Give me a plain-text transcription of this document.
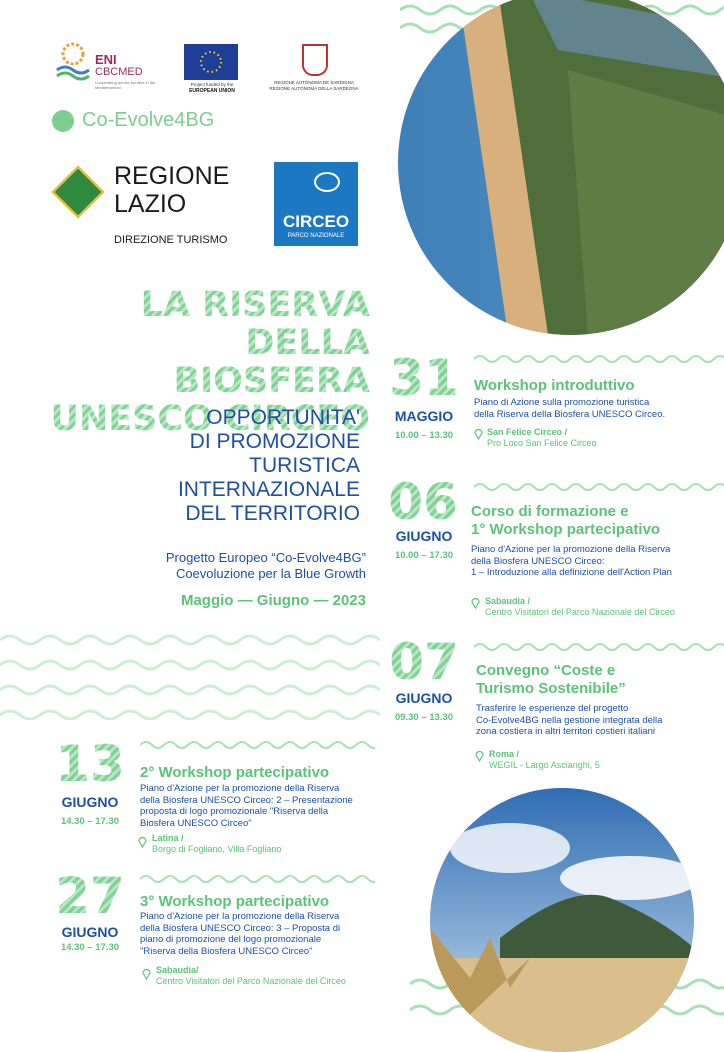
ENI
CBCMED
Cooperating across borders in the Mediterranean
Project funded by the
EUROPEAN UNION
REGIONE AUTÒNOMA DE SARDIGNA
REGIONE AUTONOMA DELLA SARDEGNA
Co-Evolve4BG
REGIONE
LAZIO
DIREZIONE TURISMO
CIRCEO
PARCO NAZIONALE
LA RISERVA
DELLA BIOSFERA
UNESCO CIRCEO
OPPORTUNITA'
DI PROMOZIONE
TURISTICA
INTERNAZIONALE
DEL TERRITORIO
Progetto Europeo “Co-Evolve4BG”
Coevoluzione per la Blue Growth
Maggio — Giugno — 2023
31
MAGGIO
10.00 – 13.30
Workshop introduttivo
Piano di Azione sulla promozione turistica
della Riserva della Biosfera UNESCO Circeo.
San Felice Circeo /
Pro Loco San Felice Circeo
06
GIUGNO
10.00 – 17.30
Corso di formazione e
1° Workshop partecipativo
Piano d'Azione per la promozione della Riserva
della Biosfera UNESCO Circeo:
1 – Introduzione alla definizione dell'Action Plan
Sabaudia /
Centro Visitatori del Parco Nazionale del Circeo
07
GIUGNO
09.30 – 13.30
Convegno “Coste e
Turismo Sostenibile”
Trasferire le esperienze del progetto
Co-Evolve4BG nella gestione integrata della
zona costiera in altri territori costieri italiani
Roma /
WEGIL - Largo Ascianghi, 5
13
GIUGNO
14.30 – 17.30
2° Workshop partecipativo
Piano d'Azione per la promozione della Riserva
della Biosfera UNESCO Circeo: 2 – Presentazione
proposta di logo promozionale "Riserva della
Biosfera UNESCO Circeo"
Latina /
Borgo di Fogliano, Villa Fogliano
27
GIUGNO
14.30 – 17.30
3° Workshop partecipativo
Piano d'Azione per la promozione della Riserva
della Biosfera UNESCO Circeo: 3 – Proposta di
piano di promozione del logo promozionale
"Riserva della Biosfera UNESCO Circeo"
Sabaudia/
Centro Visitatori del Parco Nazionale del Circeo
